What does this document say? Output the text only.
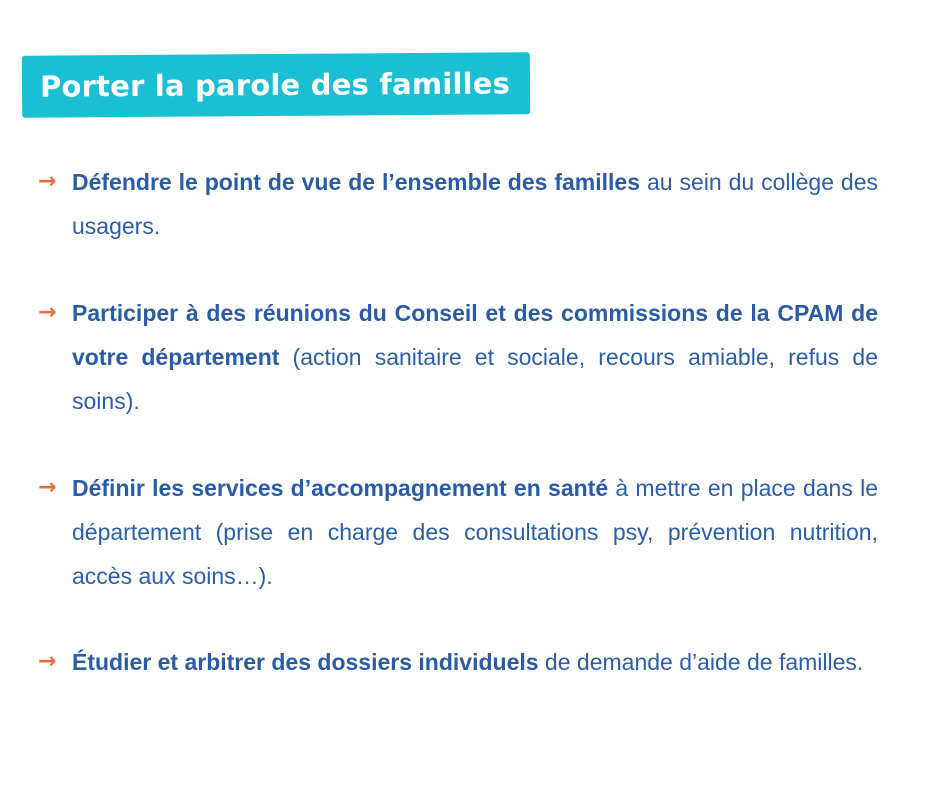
Porter la parole des familles
→ Défendre le point de vue de l’ensemble des familles au sein du collège des usagers.
→ Participer à des réunions du Conseil et des commissions de la CPAM de votre département (action sanitaire et sociale, recours amiable, refus de soins).
→ Définir les services d’accompagnement en santé à mettre en place dans le département (prise en charge des consultations psy, prévention nutrition, accès aux soins…).
→ Étudier et arbitrer des dossiers individuels de demande d’aide de familles.
